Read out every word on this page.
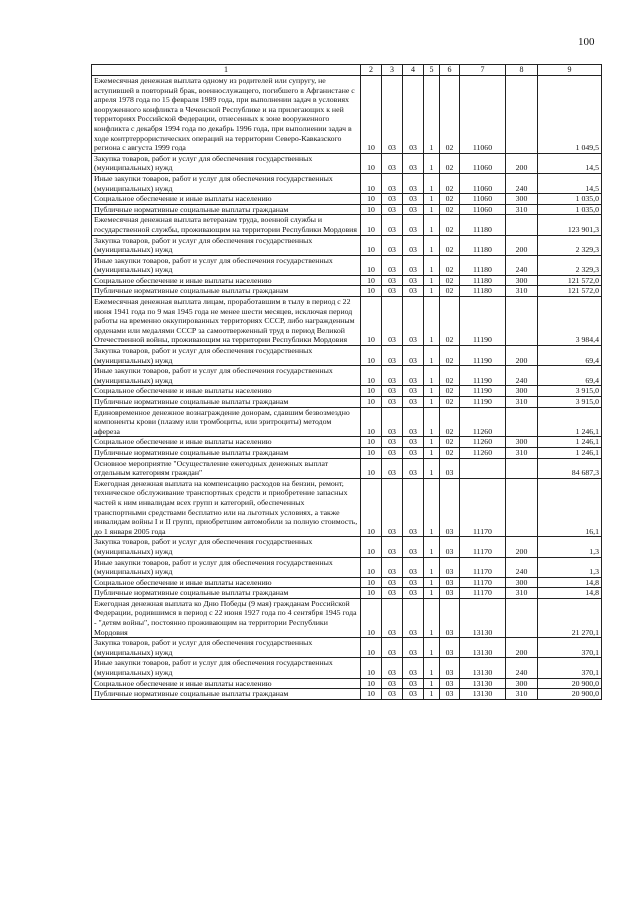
100
1	2	3	4	5	6	7	8	9
Ежемесячная денежная выплата одному из родителей или супругу, не вступившей в повторный брак, военнослужащего, погибшего в Афганистане с апреля 1978 года по 15 февраля 1989 года, при выполнении задач в условиях вооруженного конфликта в Чеченской Республике и на прилегающих к ней территориях Российской Федерации, отнесенных к зоне вооруженного конфликта с декабря 1994 года по декабрь 1996 года, при выполнении задач в ходе контртеррористических операций на территории Северо-Кавказского региона с августа 1999 года	10	03	03	1	02	11060		1 049,5
Закупка товаров, работ и услуг для обеспечения государственных (муниципальных) нужд	10	03	03	1	02	11060	200	14,5
Иные закупки товаров, работ и услуг для обеспечения государственных (муниципальных) нужд	10	03	03	1	02	11060	240	14,5
Социальное обеспечение и иные выплаты населению	10	03	03	1	02	11060	300	1 035,0
Публичные нормативные социальные выплаты гражданам	10	03	03	1	02	11060	310	1 035,0
Ежемесячная денежная выплата ветеранам труда, военной службы и государственной службы, проживающим на территории Республики Мордовия	10	03	03	1	02	11180		123 901,3
Закупка товаров, работ и услуг для обеспечения государственных (муниципальных) нужд	10	03	03	1	02	11180	200	2 329,3
Иные закупки товаров, работ и услуг для обеспечения государственных (муниципальных) нужд	10	03	03	1	02	11180	240	2 329,3
Социальное обеспечение и иные выплаты населению	10	03	03	1	02	11180	300	121 572,0
Публичные нормативные социальные выплаты гражданам	10	03	03	1	02	11180	310	121 572,0
Ежемесячная денежная выплата лицам, проработавшим в тылу в период с 22 июня 1941 года по 9 мая 1945 года не менее шести месяцев, исключая период работы на временно оккупированных территориях СССР, либо награжденным орденами или медалями СССР за самоотверженный труд в период Великой Отечественной войны, проживающим на территории Республики Мордовия	10	03	03	1	02	11190		3 984,4
Закупка товаров, работ и услуг для обеспечения государственных (муниципальных) нужд	10	03	03	1	02	11190	200	69,4
Иные закупки товаров, работ и услуг для обеспечения государственных (муниципальных) нужд	10	03	03	1	02	11190	240	69,4
Социальное обеспечение и иные выплаты населению	10	03	03	1	02	11190	300	3 915,0
Публичные нормативные социальные выплаты гражданам	10	03	03	1	02	11190	310	3 915,0
Единовременное денежное вознаграждение донорам, сдавшим безвозмездно компоненты крови (плазму или тромбоциты, или эритроциты) методом афереза	10	03	03	1	02	11260		1 246,1
Социальное обеспечение и иные выплаты населению	10	03	03	1	02	11260	300	1 246,1
Публичные нормативные социальные выплаты гражданам	10	03	03	1	02	11260	310	1 246,1
Основное мероприятие "Осуществление ежегодных денежных выплат отдельным категориям граждан"	10	03	03	1	03			84 687,3
Ежегодная денежная выплата на компенсацию расходов на бензин, ремонт, техническое обслуживание транспортных средств и приобретение запасных частей к ним инвалидам всех групп и категорий, обеспеченных транспортными средствами бесплатно или на льготных условиях, а также инвалидам войны I и II групп, приобретшим автомобили за полную стоимость, до 1 января 2005 года	10	03	03	1	03	11170		16,1
Закупка товаров, работ и услуг для обеспечения государственных (муниципальных) нужд	10	03	03	1	03	11170	200	1,3
Иные закупки товаров, работ и услуг для обеспечения государственных (муниципальных) нужд	10	03	03	1	03	11170	240	1,3
Социальное обеспечение и иные выплаты населению	10	03	03	1	03	11170	300	14,8
Публичные нормативные социальные выплаты гражданам	10	03	03	1	03	11170	310	14,8
Ежегодная денежная выплата ко Дню Победы (9 мая) гражданам Российской Федерации, родившимся в период с 22 июня 1927 года по 4 сентября 1945 года - "детям войны", постоянно проживающим на территории Республики Мордовия	10	03	03	1	03	13130		21 270,1
Закупка товаров, работ и услуг для обеспечения государственных (муниципальных) нужд	10	03	03	1	03	13130	200	370,1
Иные закупки товаров, работ и услуг для обеспечения государственных (муниципальных) нужд	10	03	03	1	03	13130	240	370,1
Социальное обеспечение и иные выплаты населению	10	03	03	1	03	13130	300	20 900,0
Публичные нормативные социальные выплаты гражданам	10	03	03	1	03	13130	310	20 900,0
